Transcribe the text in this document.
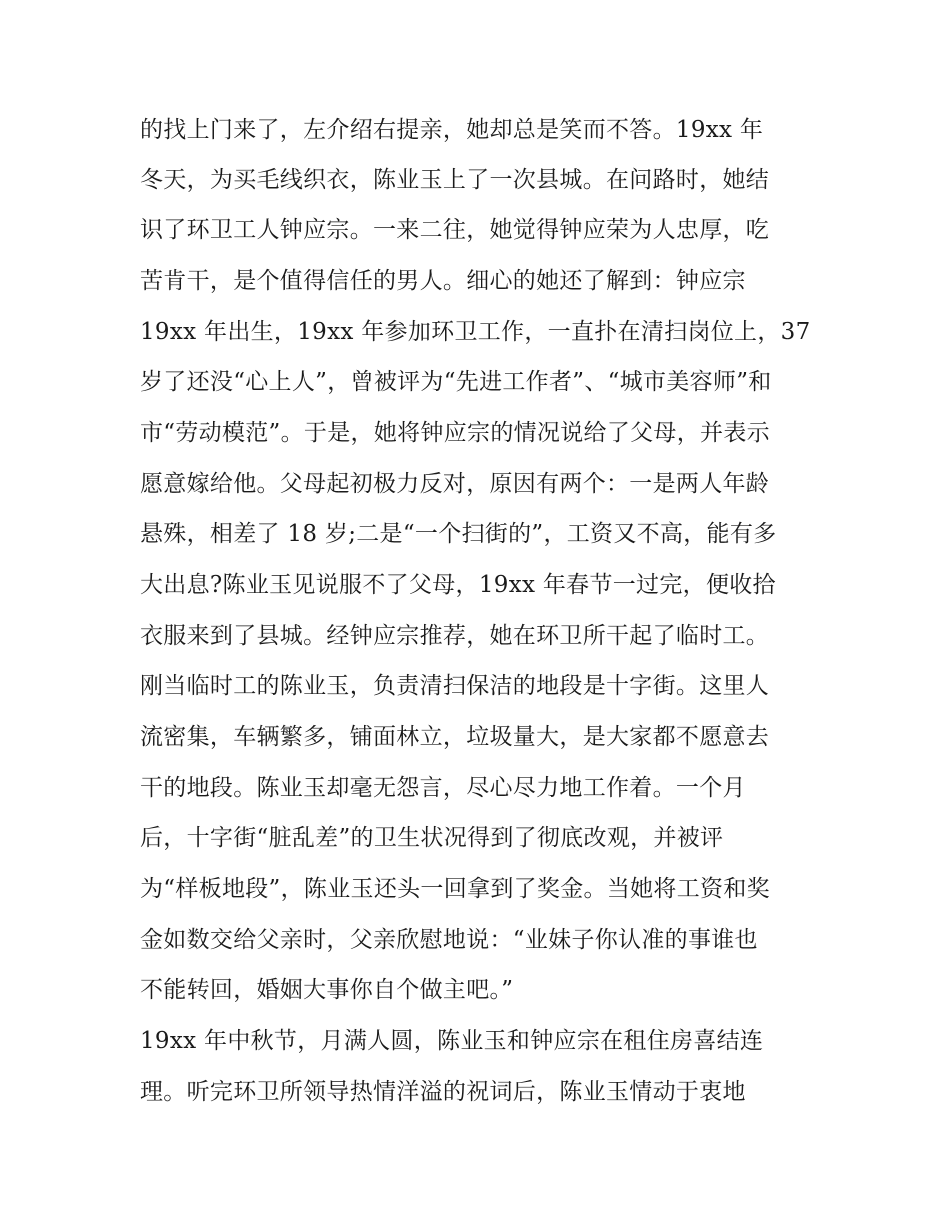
的找上门来了，左介绍右提亲，她却总是笑而不答。19xx 年
冬天，为买毛线织衣，陈业玉上了一次县城。在问路时，她结
识了环卫工人钟应宗。一来二往，她觉得钟应荣为人忠厚，吃
苦肯干，是个值得信任的男人。细心的她还了解到：钟应宗
19xx 年出生，19xx 年参加环卫工作，一直扑在清扫岗位上，37
岁了还没“心上人”，曾被评为“先进工作者”、“城市美容师”和
市“劳动模范”。于是，她将钟应宗的情况说给了父母，并表示
愿意嫁给他。父母起初极力反对，原因有两个：一是两人年龄
悬殊，相差了 18 岁;二是“一个扫街的”，工资又不高，能有多
大出息?陈业玉见说服不了父母，19xx 年春节一过完，便收拾
衣服来到了县城。经钟应宗推荐，她在环卫所干起了临时工。
刚当临时工的陈业玉，负责清扫保洁的地段是十字街。这里人
流密集，车辆繁多，铺面林立，垃圾量大，是大家都不愿意去
干的地段。陈业玉却毫无怨言，尽心尽力地工作着。一个月
后，十字街“脏乱差”的卫生状况得到了彻底改观，并被评
为“样板地段”，陈业玉还头一回拿到了奖金。当她将工资和奖
金如数交给父亲时，父亲欣慰地说：“业妹子你认准的事谁也
不能转回，婚姻大事你自个做主吧。”
19xx 年中秋节，月满人圆，陈业玉和钟应宗在租住房喜结连
理。听完环卫所领导热情洋溢的祝词后，陈业玉情动于衷地
